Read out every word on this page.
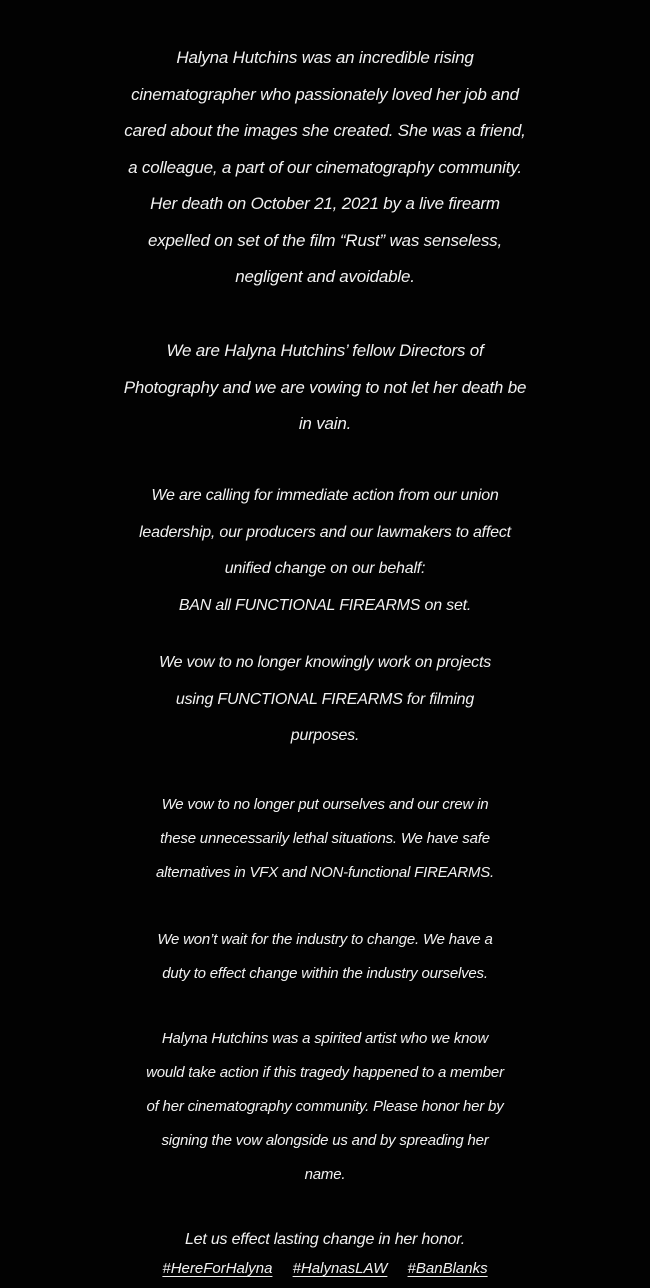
Halyna Hutchins was an incredible rising
cinematographer who passionately loved her job and
cared about the images she created. She was a friend,
a colleague, a part of our cinematography community.
Her death on October 21, 2021 by a live firearm
expelled on set of the film “Rust” was senseless,
negligent and avoidable.
We are Halyna Hutchins’ fellow Directors of
Photography and we are vowing to not let her death be
in vain.
We are calling for immediate action from our union
leadership, our producers and our lawmakers to affect
unified change on our behalf:
BAN all FUNCTIONAL FIREARMS on set.
We vow to no longer knowingly work on projects
using FUNCTIONAL FIREARMS for filming
purposes.
We vow to no longer put ourselves and our crew in
these unnecessarily lethal situations. We have safe
alternatives in VFX and NON-functional FIREARMS.
We won’t wait for the industry to change. We have a
duty to effect change within the industry ourselves.
Halyna Hutchins was a spirited artist who we know
would take action if this tragedy happened to a member
of her cinematography community. Please honor her by
signing the vow alongside us and by spreading her
name.
Let us effect lasting change in her honor.
#HereForHalyna #HalynasLAW #BanBlanks
